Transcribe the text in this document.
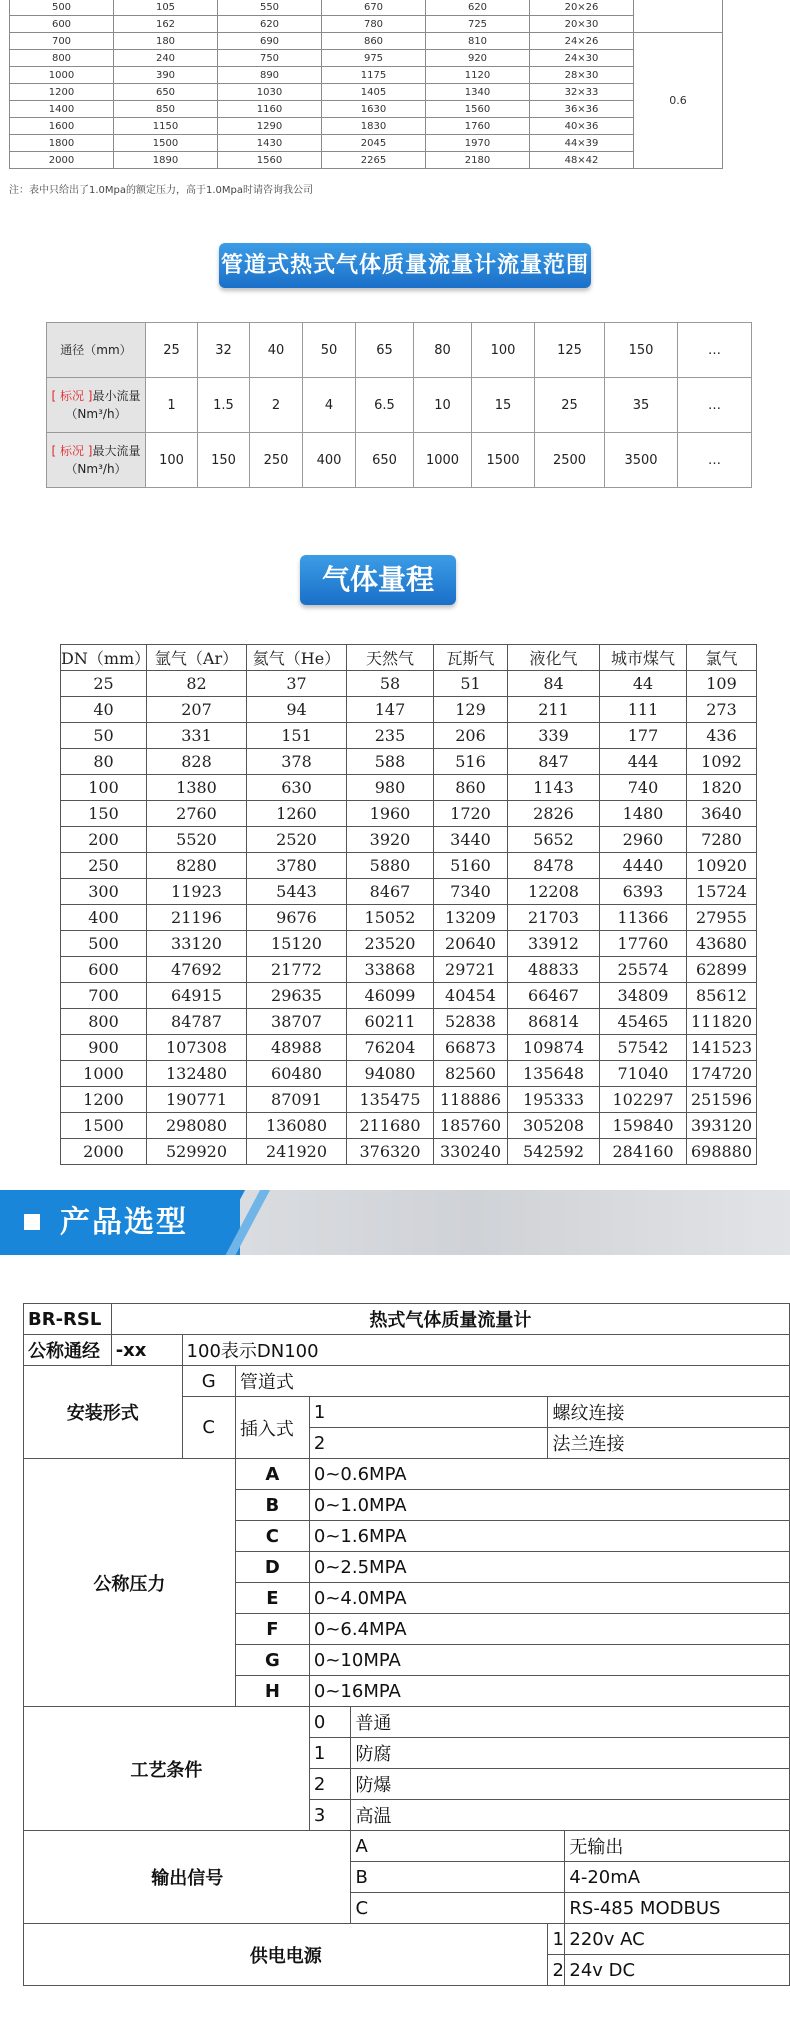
500	105	550	670	620	20×26	
600	162	620	780	725	20×30	
700	180	690	860	810	24×26	0.6
800	240	750	975	920	24×30	
1000	390	890	1175	1120	28×30	
1200	650	1030	1405	1340	32×33	
1400	850	1160	1630	1560	36×36	
1600	1150	1290	1830	1760	40×36	
1800	1500	1430	2045	1970	44×39	
2000	1890	1560	2265	2180	48×42	
注：表中只给出了1.0Mpa的额定压力，高于1.0Mpa时请咨询我公司
管道式热式气体质量流量计流量范围
通径（mm）	25	32	40	50	65	80	100	125	150	…
[ 标况 ]最小流量（Nm³/h）	1	1.5	2	4	6.5	10	15	25	35	…
[ 标况 ]最大流量（Nm³/h）	100	150	250	400	650	1000	1500	2500	3500	…
气体量程
DN（mm）	氩气（Ar）	氦气（He）	天然气	瓦斯气	液化气	城市煤气	氯气
25	82	37	58	51	84	44	109
40	207	94	147	129	211	111	273
50	331	151	235	206	339	177	436
80	828	378	588	516	847	444	1092
100	1380	630	980	860	1143	740	1820
150	2760	1260	1960	1720	2826	1480	3640
200	5520	2520	3920	3440	5652	2960	7280
250	8280	3780	5880	5160	8478	4440	10920
300	11923	5443	8467	7340	12208	6393	15724
400	21196	9676	15052	13209	21703	11366	27955
500	33120	15120	23520	20640	33912	17760	43680
600	47692	21772	33868	29721	48833	25574	62899
700	64915	29635	46099	40454	66467	34809	85612
800	84787	38707	60211	52838	86814	45465	111820
900	107308	48988	76204	66873	109874	57542	141523
1000	132480	60480	94080	82560	135648	71040	174720
1200	190771	87091	135475	118886	195333	102297	251596
1500	298080	136080	211680	185760	305208	159840	393120
2000	529920	241920	376320	330240	542592	284160	698880
产品选型
BR-RSL	热式气体质量流量计						
公称通经	-xx	100表示DN100					
安装形式		G	管道式				
		C	插入式	1		螺纹连接	
				2		法兰连接	
公称压力			A	0~0.6MPA			
			B	0~1.0MPA			
			C	0~1.6MPA			
			D	0~2.5MPA			
			E	0~4.0MPA			
			F	0~6.4MPA			
			G	0~10MPA			
			H	0~16MPA			
工艺条件				0	普通		
				1	防腐		
				2	防爆		
				3	高温		
输出信号					A		无输出
					B		4-20mA
					C		RS-485 MODBUS
供电电源						1	220v AC
						2	24v DC
